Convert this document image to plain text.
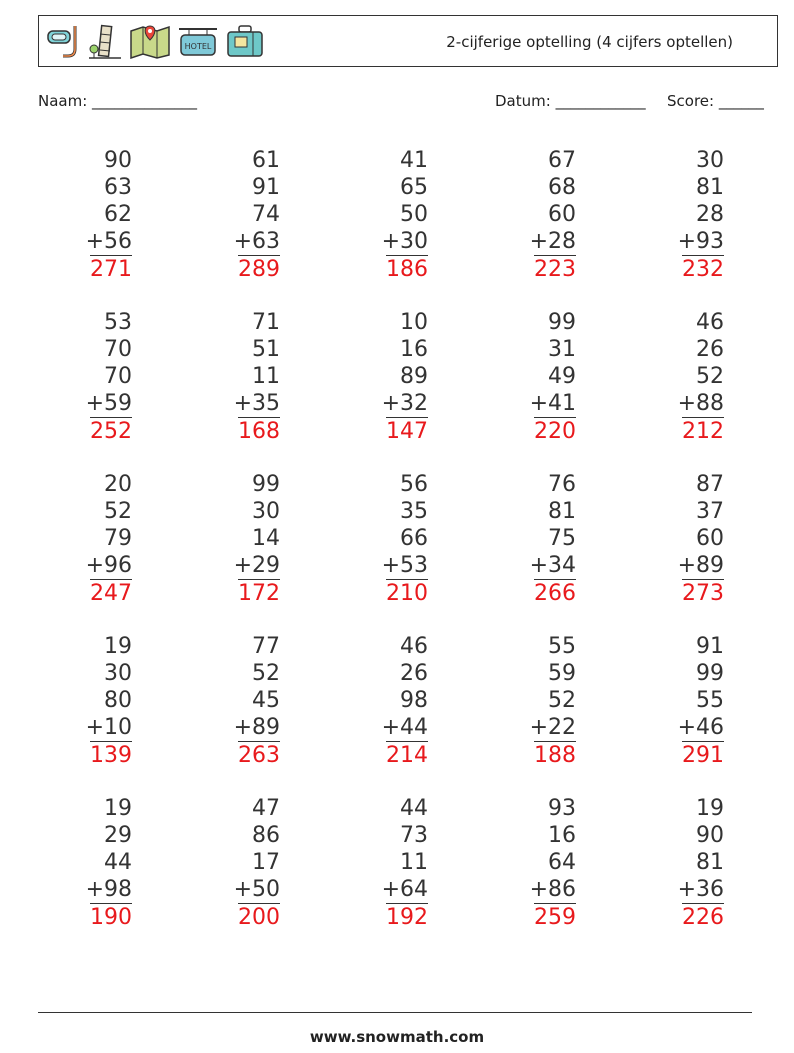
HOTEL	2-cijferige optelling (4 cijfers optellen)
Naam: ______________	Datum: ____________ Score: ______
90
63
62
+56
271
61
91
74
+63
289
41
65
50
+30
186
67
68
60
+28
223
30
81
28
+93
232
53
70
70
+59
252
71
51
11
+35
168
10
16
89
+32
147
99
31
49
+41
220
46
26
52
+88
212
20
52
79
+96
247
99
30
14
+29
172
56
35
66
+53
210
76
81
75
+34
266
87
37
60
+89
273
19
30
80
+10
139
77
52
45
+89
263
46
26
98
+44
214
55
59
52
+22
188
91
99
55
+46
291
19
29
44
+98
190
47
86
17
+50
200
44
73
11
+64
192
93
16
64
+86
259
19
90
81
+36
226
www.snowmath.com
